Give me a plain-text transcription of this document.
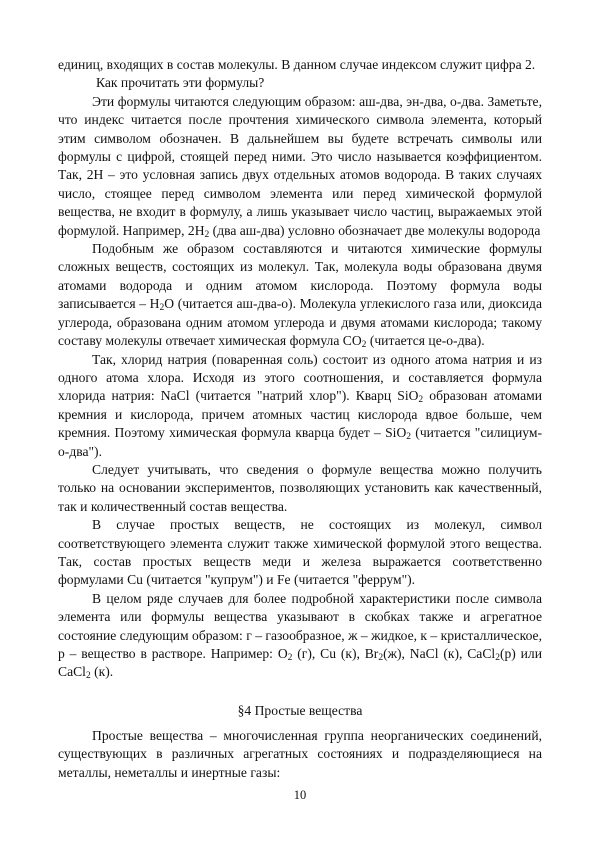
единиц, входящих в состав молекулы. В данном случае индексом служит цифра 2.

Как прочитать эти формулы?

Эти формулы читаются следующим образом: аш-два, эн-два, о-два. Заметьте, что индекс читается после прочтения химического символа элемента, который этим символом обозначен. В дальнейшем вы будете встречать символы или формулы с цифрой, стоящей перед ними. Это число называется коэффициентом. Так, 2Н – это условная запись двух отдельных атомов водорода. В таких случаях число, стоящее перед символом элемента или перед химической формулой вещества, не входит в формулу, а лишь указывает число частиц, выражаемых этой формулой. Например, $2Н_2$ (два аш-два) условно обозначает две молекулы водорода

Подобным же образом составляются и читаются химические формулы сложных веществ, состоящих из молекул. Так, молекула воды образована двумя атомами водорода и одним атомом кислорода. Поэтому формула воды записывается – $Н_2О$ (читается аш-два-о). Молекула углекислого газа или, диоксида углерода, образована одним атомом углерода и двумя атомами кислорода; такому составу молекулы отвечает химическая формула $СО_2$ (читается це-о-два).

Так, хлорид натрия (поваренная соль) состоит из одного атома натрия и из одного атома хлора. Исходя из этого соотношения, и составляется формула хлорида натрия: NaCl (читается "натрий хлор"). Кварц SiO$_2$ образован атомами кремния и кислорода, причем атомных частиц кислорода вдвое больше, чем кремния. Поэтому химическая формула кварца будет – SiO$_2$ (читается "силициум-о-два").

Следует учитывать, что сведения о формуле вещества можно получить только на основании экспериментов, позволяющих установить как качественный, так и количественный состав вещества.

В случае простых веществ, не состоящих из молекул, символ соответствующего элемента служит также химической формулой этого вещества. Так, состав простых веществ меди и железа выражается соответственно формулами Cu (читается "купрум") и Fe (читается "феррум").

В целом ряде случаев для более подробной характеристики после символа элемента или формулы вещества указывают в скобках также и агрегатное состояние следующим образом: г – газообразное, ж – жидкое, к – кристаллическое, р – вещество в растворе. Например: $O_2$ (г), Cu (к), $Br_2(ж)$, NaCl (к), CaCl$_2$(р) или CaCl$_2$ (к).

§4 Простые вещества

Простые вещества – многочисленная группа неорганических соединений, существующих в различных агрегатных состояниях и подразделяющиеся на металлы, неметаллы и инертные газы:

10
